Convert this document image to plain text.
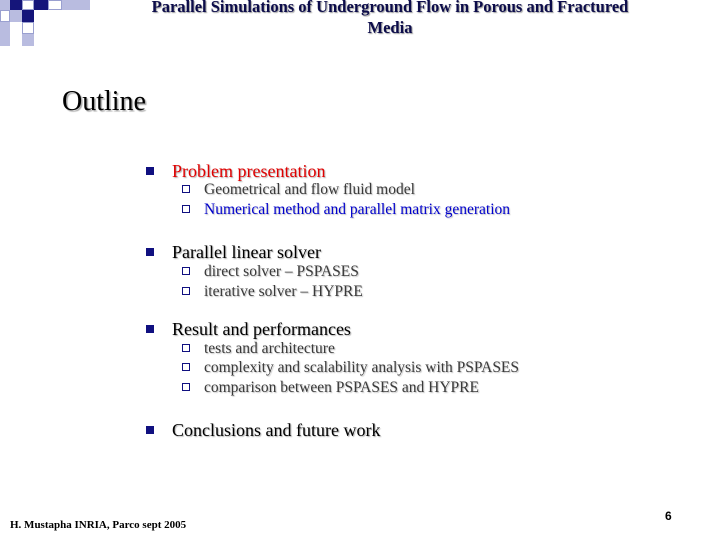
Parallel Simulations of Underground Flow in Porous and Fractured
Media
Outline
Problem presentation
Geometrical and flow fluid model
Numerical method and parallel matrix generation
Parallel linear solver
direct solver – PSPASES
iterative solver – HYPRE
Result and performances
tests and architecture
complexity and scalability analysis with PSPASES
comparison between PSPASES and HYPRE
Conclusions and future work
H. Mustapha INRIA, Parco sept 2005
6
